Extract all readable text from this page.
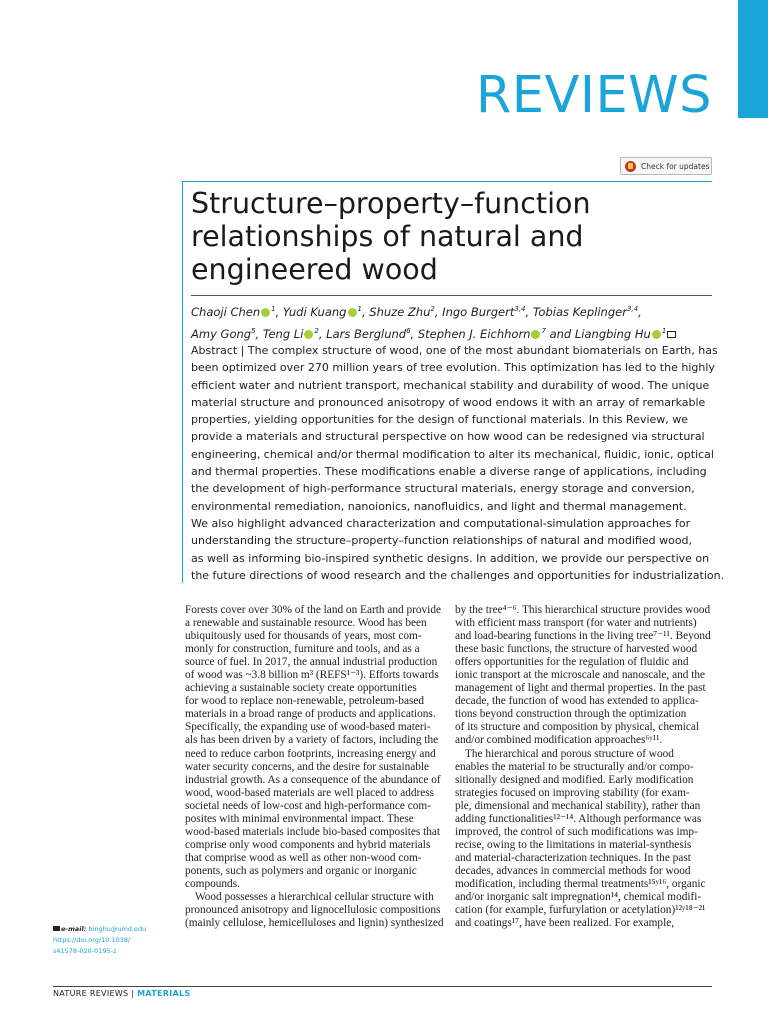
REVIEWS
Check for updates
Structure–property–function
relationships of natural and
engineered wood
Chaoji Chen $^1$, Yudi Kuang $^1$, Shuze Zhu$^2$, Ingo Burgert$^{3,4}$, Tobias Keplinger$^{3,4}$,
Amy Gong$^5$, Teng Li $^2$, Lars Berglund$^6$, Stephen J. Eichhorn $^7$ and Liangbing Hu $^1$
Abstract | The complex structure of wood, one of the most abundant biomaterials on Earth, has
been optimized over 270 million years of tree evolution. This optimization has led to the highly
efficient water and nutrient transport, mechanical stability and durability of wood. The unique
material structure and pronounced anisotropy of wood endows it with an array of remarkable
properties, yielding opportunities for the design of functional materials. In this Review, we
provide a materials and structural perspective on how wood can be redesigned via structural
engineering, chemical and/or thermal modification to alter its mechanical, fluidic, ionic, optical
and thermal properties. These modifications enable a diverse range of applications, including
the development of high-performance structural materials, energy storage and conversion,
environmental remediation, nanoionics, nanofluidics, and light and thermal management.
We also highlight advanced characterization and computational-simulation approaches for
understanding the structure–property–function relationships of natural and modified wood,
as well as informing bio-inspired synthetic designs. In addition, we provide our perspective on
the future directions of wood research and the challenges and opportunities for industrialization.
Forests cover over 30% of the land on Earth and provide
a renewable and sustainable resource. Wood has been
ubiquitously used for thousands of years, most com-
monly for construction, furniture and tools, and as a
source of fuel. In 2017, the annual industrial production
of wood was ~3.8 billion m³ (REFS¹⁻³). Efforts towards
achieving a sustainable society create opportunities
for wood to replace non-renewable, petroleum-based
materials in a broad range of products and applications.
Specifically, the expanding use of wood-based materi-
als has been driven by a variety of factors, including the
need to reduce carbon footprints, increasing energy and
water security concerns, and the desire for sustainable
industrial growth. As a consequence of the abundance of
wood, wood-based materials are well placed to address
societal needs of low-cost and high-performance com-
posites with minimal environmental impact. These
wood-based materials include bio-based composites that
comprise only wood components and hybrid materials
that comprise wood as well as other non-wood com-
ponents, such as polymers and organic or inorganic
compounds.
Wood possesses a hierarchical cellular structure with
pronounced anisotropy and lignocellulosic compositions
(mainly cellulose, hemicelluloses and lignin) synthesized
by the tree⁴⁻⁶. This hierarchical structure provides wood
with efficient mass transport (for water and nutrients)
and load-bearing functions in the living tree⁷⁻¹¹. Beyond
these basic functions, the structure of harvested wood
offers opportunities for the regulation of fluidic and
ionic transport at the microscale and nanoscale, and the
management of light and thermal properties. In the past
decade, the function of wood has extended to applica-
tions beyond construction through the optimization
of its structure and composition by physical, chemical
and/or combined modification approaches⁶ʸ¹¹.
The hierarchical and porous structure of wood
enables the material to be structurally and/or compo-
sitionally designed and modified. Early modification
strategies focused on improving stability (for exam-
ple, dimensional and mechanical stability), rather than
adding functionalities¹²⁻¹⁴. Although performance was
improved, the control of such modifications was imp-
recise, owing to the limitations in material-synthesis
and material-characterization techniques. In the past
decades, advances in commercial methods for wood
modification, including thermal treatments¹⁵ʸ¹⁶, organic
and/or inorganic salt impregnation¹⁴, chemical modifi-
cation (for example, furfurylation or acetylation)¹²ʸ¹⁸⁻²¹
and coatings¹⁷, have been realized. For example,
e-mail: binghu@umd.edu
https://doi.org/10.1038/
s41578-020-0195-z
NATURE REVIEWS | MATERIALS
